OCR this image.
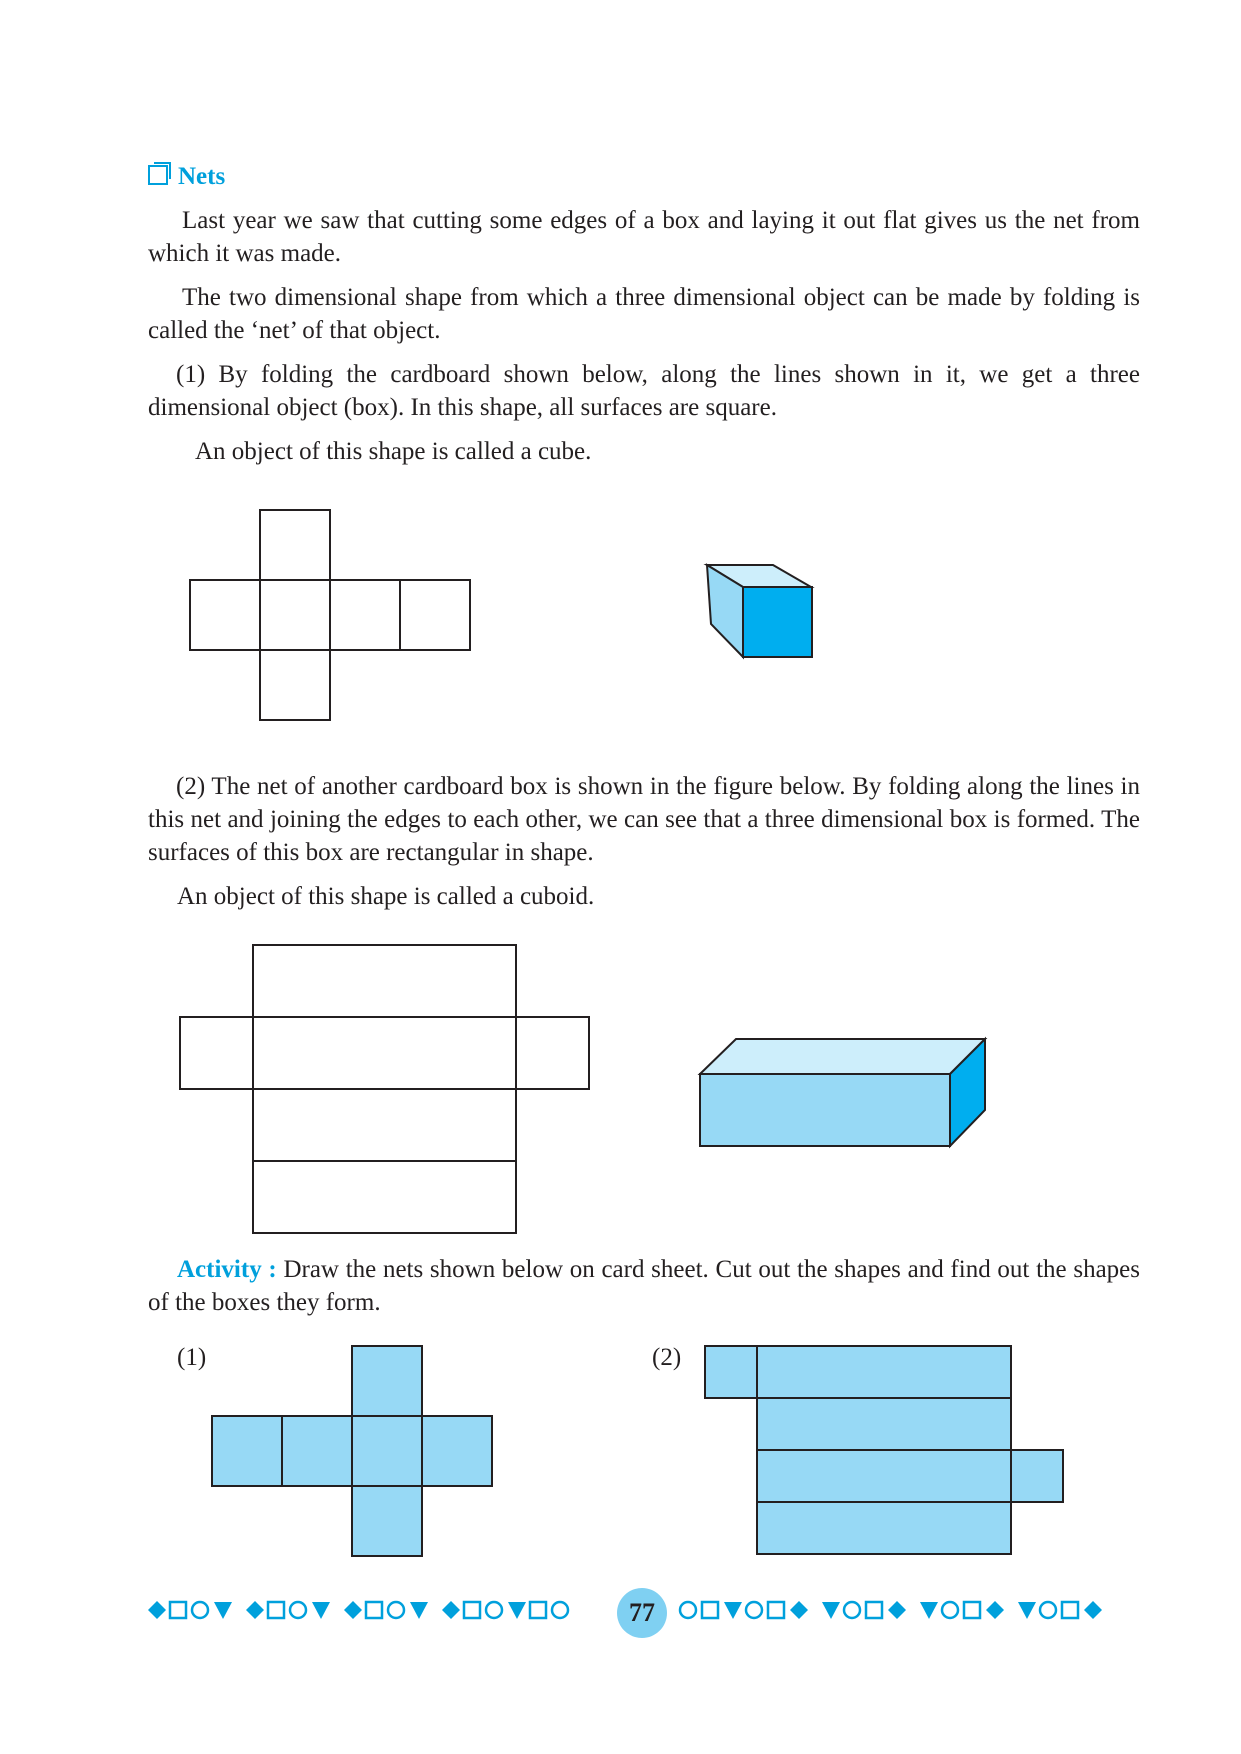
Nets

Last year we saw that cutting some edges of a box and laying it out flat gives us the net from which it was made.

The two dimensional shape from which a three dimensional object can be made by folding is called the ‘net’ of that object.

(1) By folding the cardboard shown below, along the lines shown in it, we get a three dimensional object (box). In this shape, all surfaces are square.

An object of this shape is called a cube.

(2) The net of another cardboard box is shown in the figure below. By folding along the lines in this net and joining the edges to each other, we can see that a three dimensional box is formed. The surfaces of this box are rectangular in shape.

An object of this shape is called a cuboid.

Activity : Draw the nets shown below on card sheet. Cut out the shapes and find out the shapes of the boxes they form.

(1)	(2)
77
